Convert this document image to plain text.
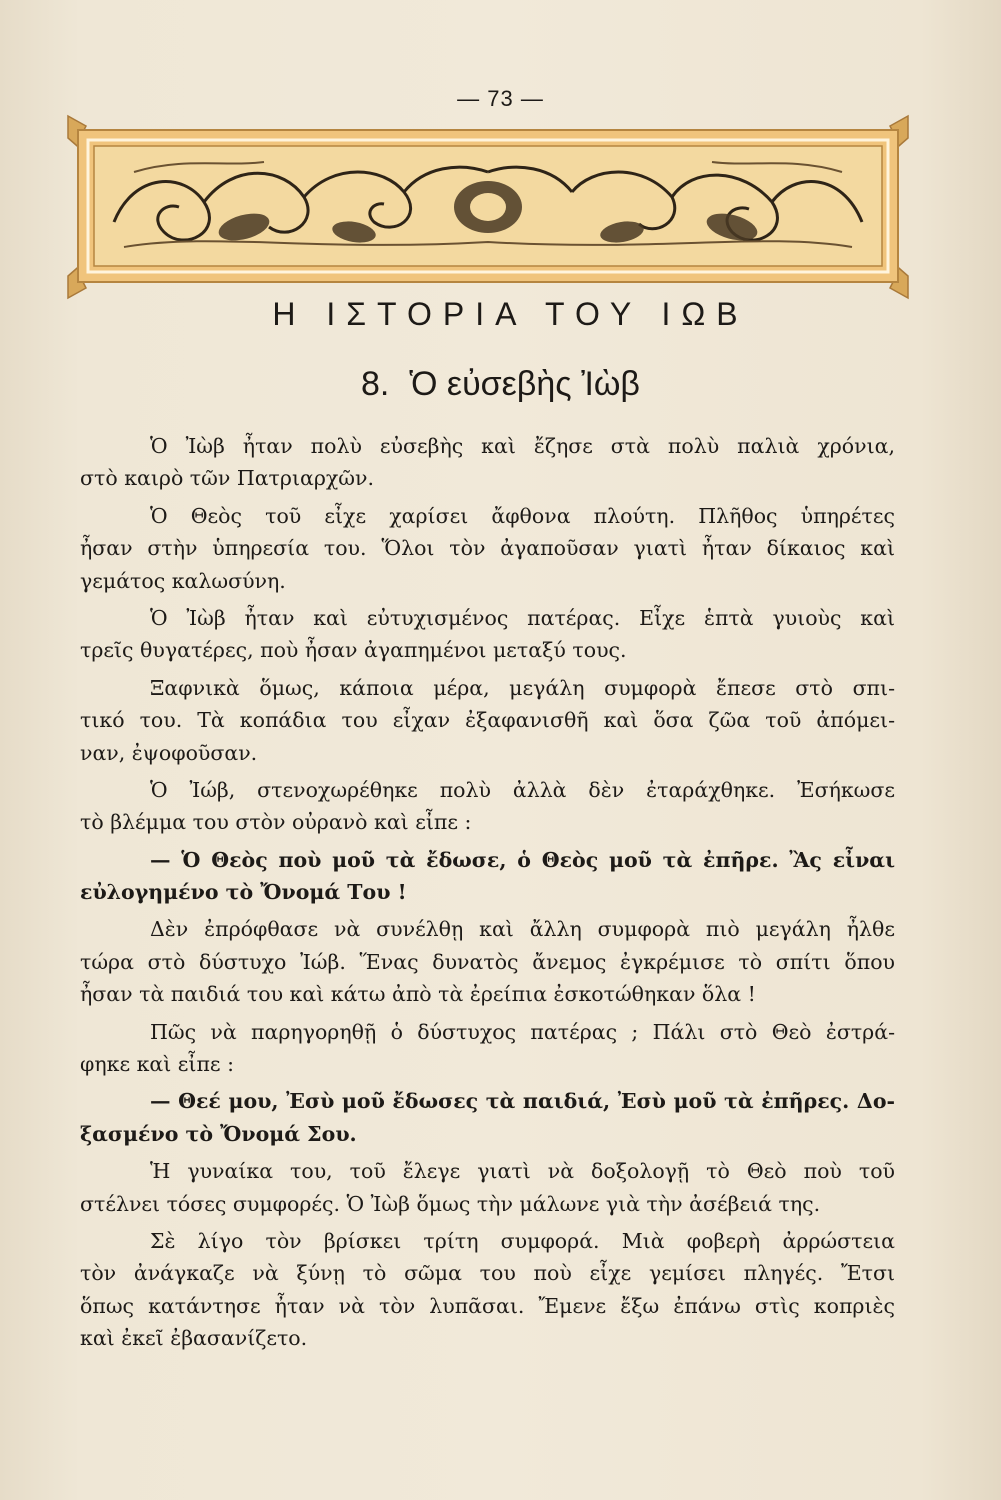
— 73 —
Η ΙΣΤΟΡΙΑ ΤΟΥ ΙΩΒ
8. Ὁ εὐσεβὴς Ἰὼβ
Ὁ Ἰὼβ ἦταν πολὺ εὐσεβὴς καὶ ἔζησε στὰ πολὺ παλιὰ χρόνια,
στὸ καιρὸ τῶν Πατριαρχῶν.
Ὁ Θεὸς τοῦ εἶχε χαρίσει ἄφθονα πλούτη. Πλῆθος ὑπηρέτες
ἦσαν στὴν ὑπηρεσία του. Ὅλοι τὸν ἀγαποῦσαν γιατὶ ἦταν δίκαιος καὶ
γεμάτος καλωσύνη.
Ὁ Ἰὼβ ἦταν καὶ εὐτυχισμένος πατέρας. Εἶχε ἑπτὰ γυιοὺς καὶ
τρεῖς θυγατέρες, ποὺ ἦσαν ἀγαπημένοι μεταξύ τους.
Ξαφνικὰ ὅμως, κάποια μέρα, μεγάλη συμφορὰ ἔπεσε στὸ σπι-
τικό του. Τὰ κοπάδια του εἶχαν ἐξαφανισθῆ καὶ ὅσα ζῶα τοῦ ἀπόμει-
ναν, ἐψοφοῦσαν.
Ὁ Ἰώβ, στενοχωρέθηκε πολὺ ἀλλὰ δὲν ἐταράχθηκε. Ἐσήκωσε
τὸ βλέμμα του στὸν οὐρανὸ καὶ εἶπε :
— Ὁ Θεὸς ποὺ μοῦ τὰ ἔδωσε, ὁ Θεὸς μοῦ τὰ ἐπῆρε. Ἂς εἶναι
εὐλογημένο τὸ Ὄνομά Του !
Δὲν ἐπρόφθασε νὰ συνέλθῃ καὶ ἄλλη συμφορὰ πιὸ μεγάλη ἦλθε
τώρα στὸ δύστυχο Ἰώβ. Ἕνας δυνατὸς ἄνεμος ἐγκρέμισε τὸ σπίτι ὅπου
ἦσαν τὰ παιδιά του καὶ κάτω ἀπὸ τὰ ἐρείπια ἐσκοτώθηκαν ὅλα !
Πῶς νὰ παρηγορηθῇ ὁ δύστυχος πατέρας ; Πάλι στὸ Θεὸ ἐστρά-
φηκε καὶ εἶπε :
— Θεέ μου, Ἐσὺ μοῦ ἔδωσες τὰ παιδιά, Ἐσὺ μοῦ τὰ ἐπῆρες. Δο-
ξασμένο τὸ Ὄνομά Σου.
Ἡ γυναίκα του, τοῦ ἔλεγε γιατὶ νὰ δοξολογῇ τὸ Θεὸ ποὺ τοῦ
στέλνει τόσες συμφορές. Ὁ Ἰὼβ ὅμως τὴν μάλωνε γιὰ τὴν ἀσέβειά της.
Σὲ λίγο τὸν βρίσκει τρίτη συμφορά. Μιὰ φοβερὴ ἀρρώστεια
τὸν ἀνάγκαζε νὰ ξύνῃ τὸ σῶμα του ποὺ εἶχε γεμίσει πληγές. Ἔτσι
ὅπως κατάντησε ἦταν νὰ τὸν λυπᾶσαι. Ἔμενε ἔξω ἐπάνω στὶς κοπριὲς
καὶ ἐκεῖ ἐβασανίζετο.
